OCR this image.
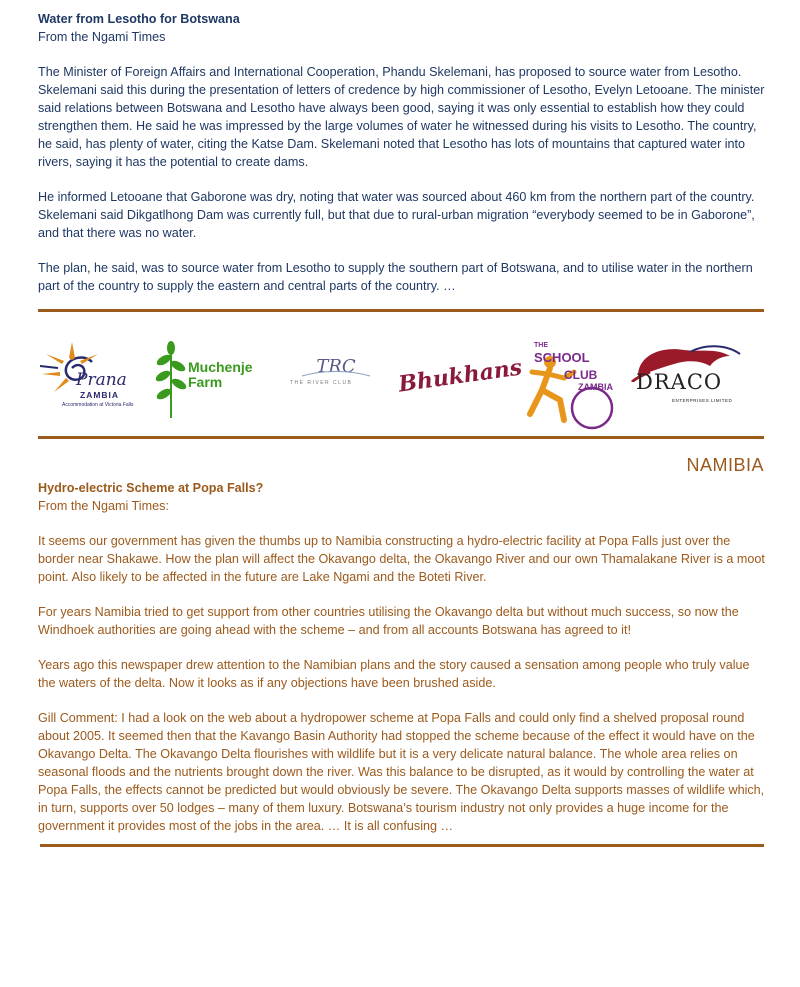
Water from Lesotho for Botswana
From the Ngami Times

The Minister of Foreign Affairs and International Cooperation, Phandu Skelemani, has proposed to source water from Lesotho. Skelemani said this during the presentation of letters of credence by high commissioner of Lesotho, Evelyn Letooane. The minister said relations between Botswana and Lesotho have always been good, saying it was only essential to establish how they could strengthen them. He said he was impressed by the large volumes of water he witnessed during his visits to Lesotho. The country, he said, has plenty of water, citing the Katse Dam. Skelemani noted that Lesotho has lots of mountains that captured water into rivers, saying it has the potential to create dams.

He informed Letooane that Gaborone was dry, noting that water was sourced about 460 km from the northern part of the country. Skelemani said Dikgatlhong Dam was currently full, but that due to rural-urban migration “everybody seemed to be in Gaborone”, and that there was no water.

The plan, he said, was to source water from Lesotho to supply the southern part of Botswana, and to utilise water in the northern part of the country to supply the eastern and central parts of the country. …

Prana
ZAMBIA
Accommodation at Victoria Falls
Muchenje
Farm
TRC
THE RIVER CLUB Bhukhans
THE
SCHOOL
CLUB
ZAMBIA DRACO
ENTERPRISES LIMITED
NAMIBIA
Hydro-electric Scheme at Popa Falls?
From the Ngami Times:

It seems our government has given the thumbs up to Namibia constructing a hydro-electric facility at Popa Falls just over the border near Shakawe. How the plan will affect the Okavango delta, the Okavango River and our own Thamalakane River is a moot point. Also likely to be affected in the future are Lake Ngami and the Boteti River.

For years Namibia tried to get support from other countries utilising the Okavango delta but without much success, so now the Windhoek authorities are going ahead with the scheme – and from all accounts Botswana has agreed to it!

Years ago this newspaper drew attention to the Namibian plans and the story caused a sensation among people who truly value the waters of the delta. Now it looks as if any objections have been brushed aside.

Gill Comment: I had a look on the web about a hydropower scheme at Popa Falls and could only find a shelved proposal round about 2005. It seemed then that the Kavango Basin Authority had stopped the scheme because of the effect it would have on the Okavango Delta. The Okavango Delta flourishes with wildlife but it is a very delicate natural balance. The whole area relies on seasonal floods and the nutrients brought down the river. Was this balance to be disrupted, as it would by controlling the water at Popa Falls, the effects cannot be predicted but would obviously be severe. The Okavango Delta supports masses of wildlife which, in turn, supports over 50 lodges – many of them luxury. Botswana’s tourism industry not only provides a huge income for the government it provides most of the jobs in the area. … It is all confusing …
